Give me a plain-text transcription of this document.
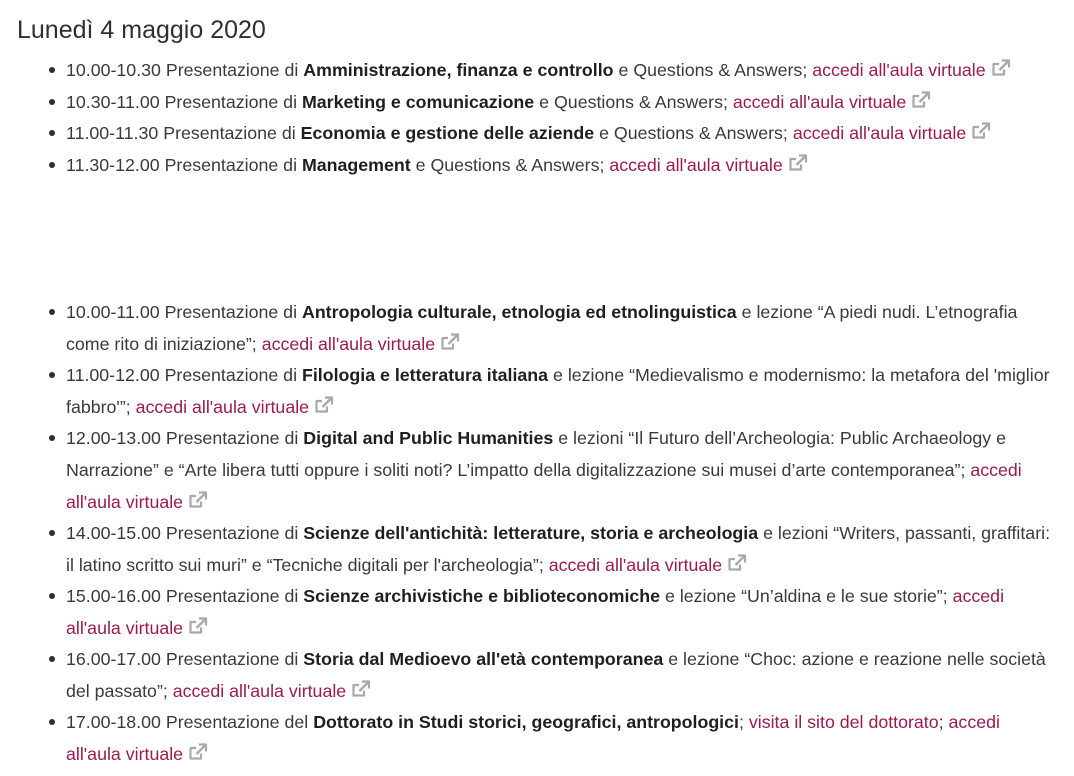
Lunedì 4 maggio 2020
10.00-10.30 Presentazione di Amministrazione, finanza e controllo e Questions & Answers; accedi all'aula virtuale
10.30-11.00 Presentazione di Marketing e comunicazione e Questions & Answers; accedi all'aula virtuale
11.00-11.30 Presentazione di Economia e gestione delle aziende e Questions & Answers; accedi all'aula virtuale
11.30-12.00 Presentazione di Management e Questions & Answers; accedi all'aula virtuale
10.00-11.00 Presentazione di Antropologia culturale, etnologia ed etnolinguistica e lezione “A piedi nudi. L’etnografia come rito di iniziazione”; accedi all'aula virtuale
11.00-12.00 Presentazione di Filologia e letteratura italiana e lezione “Medievalismo e modernismo: la metafora del 'miglior fabbro'”; accedi all'aula virtuale
12.00-13.00 Presentazione di Digital and Public Humanities e lezioni “Il Futuro dell’Archeologia: Public Archaeology e Narrazione” e “Arte libera tutti oppure i soliti noti? L’impatto della digitalizzazione sui musei d’arte contemporanea”; accedi all'aula virtuale
14.00-15.00 Presentazione di Scienze dell'antichità: letterature, storia e archeologia e lezioni “Writers, passanti, graffitari: il latino scritto sui muri” e “Tecniche digitali per l'archeologia”; accedi all'aula virtuale
15.00-16.00 Presentazione di Scienze archivistiche e biblioteconomiche e lezione “Un’aldina e le sue storie”; accedi all'aula virtuale
16.00-17.00 Presentazione di Storia dal Medioevo all'età contemporanea e lezione “Choc: azione e reazione nelle società del passato”; accedi all'aula virtuale
17.00-18.00 Presentazione del Dottorato in Studi storici, geografici, antropologici; visita il sito del dottorato; accedi all'aula virtuale
